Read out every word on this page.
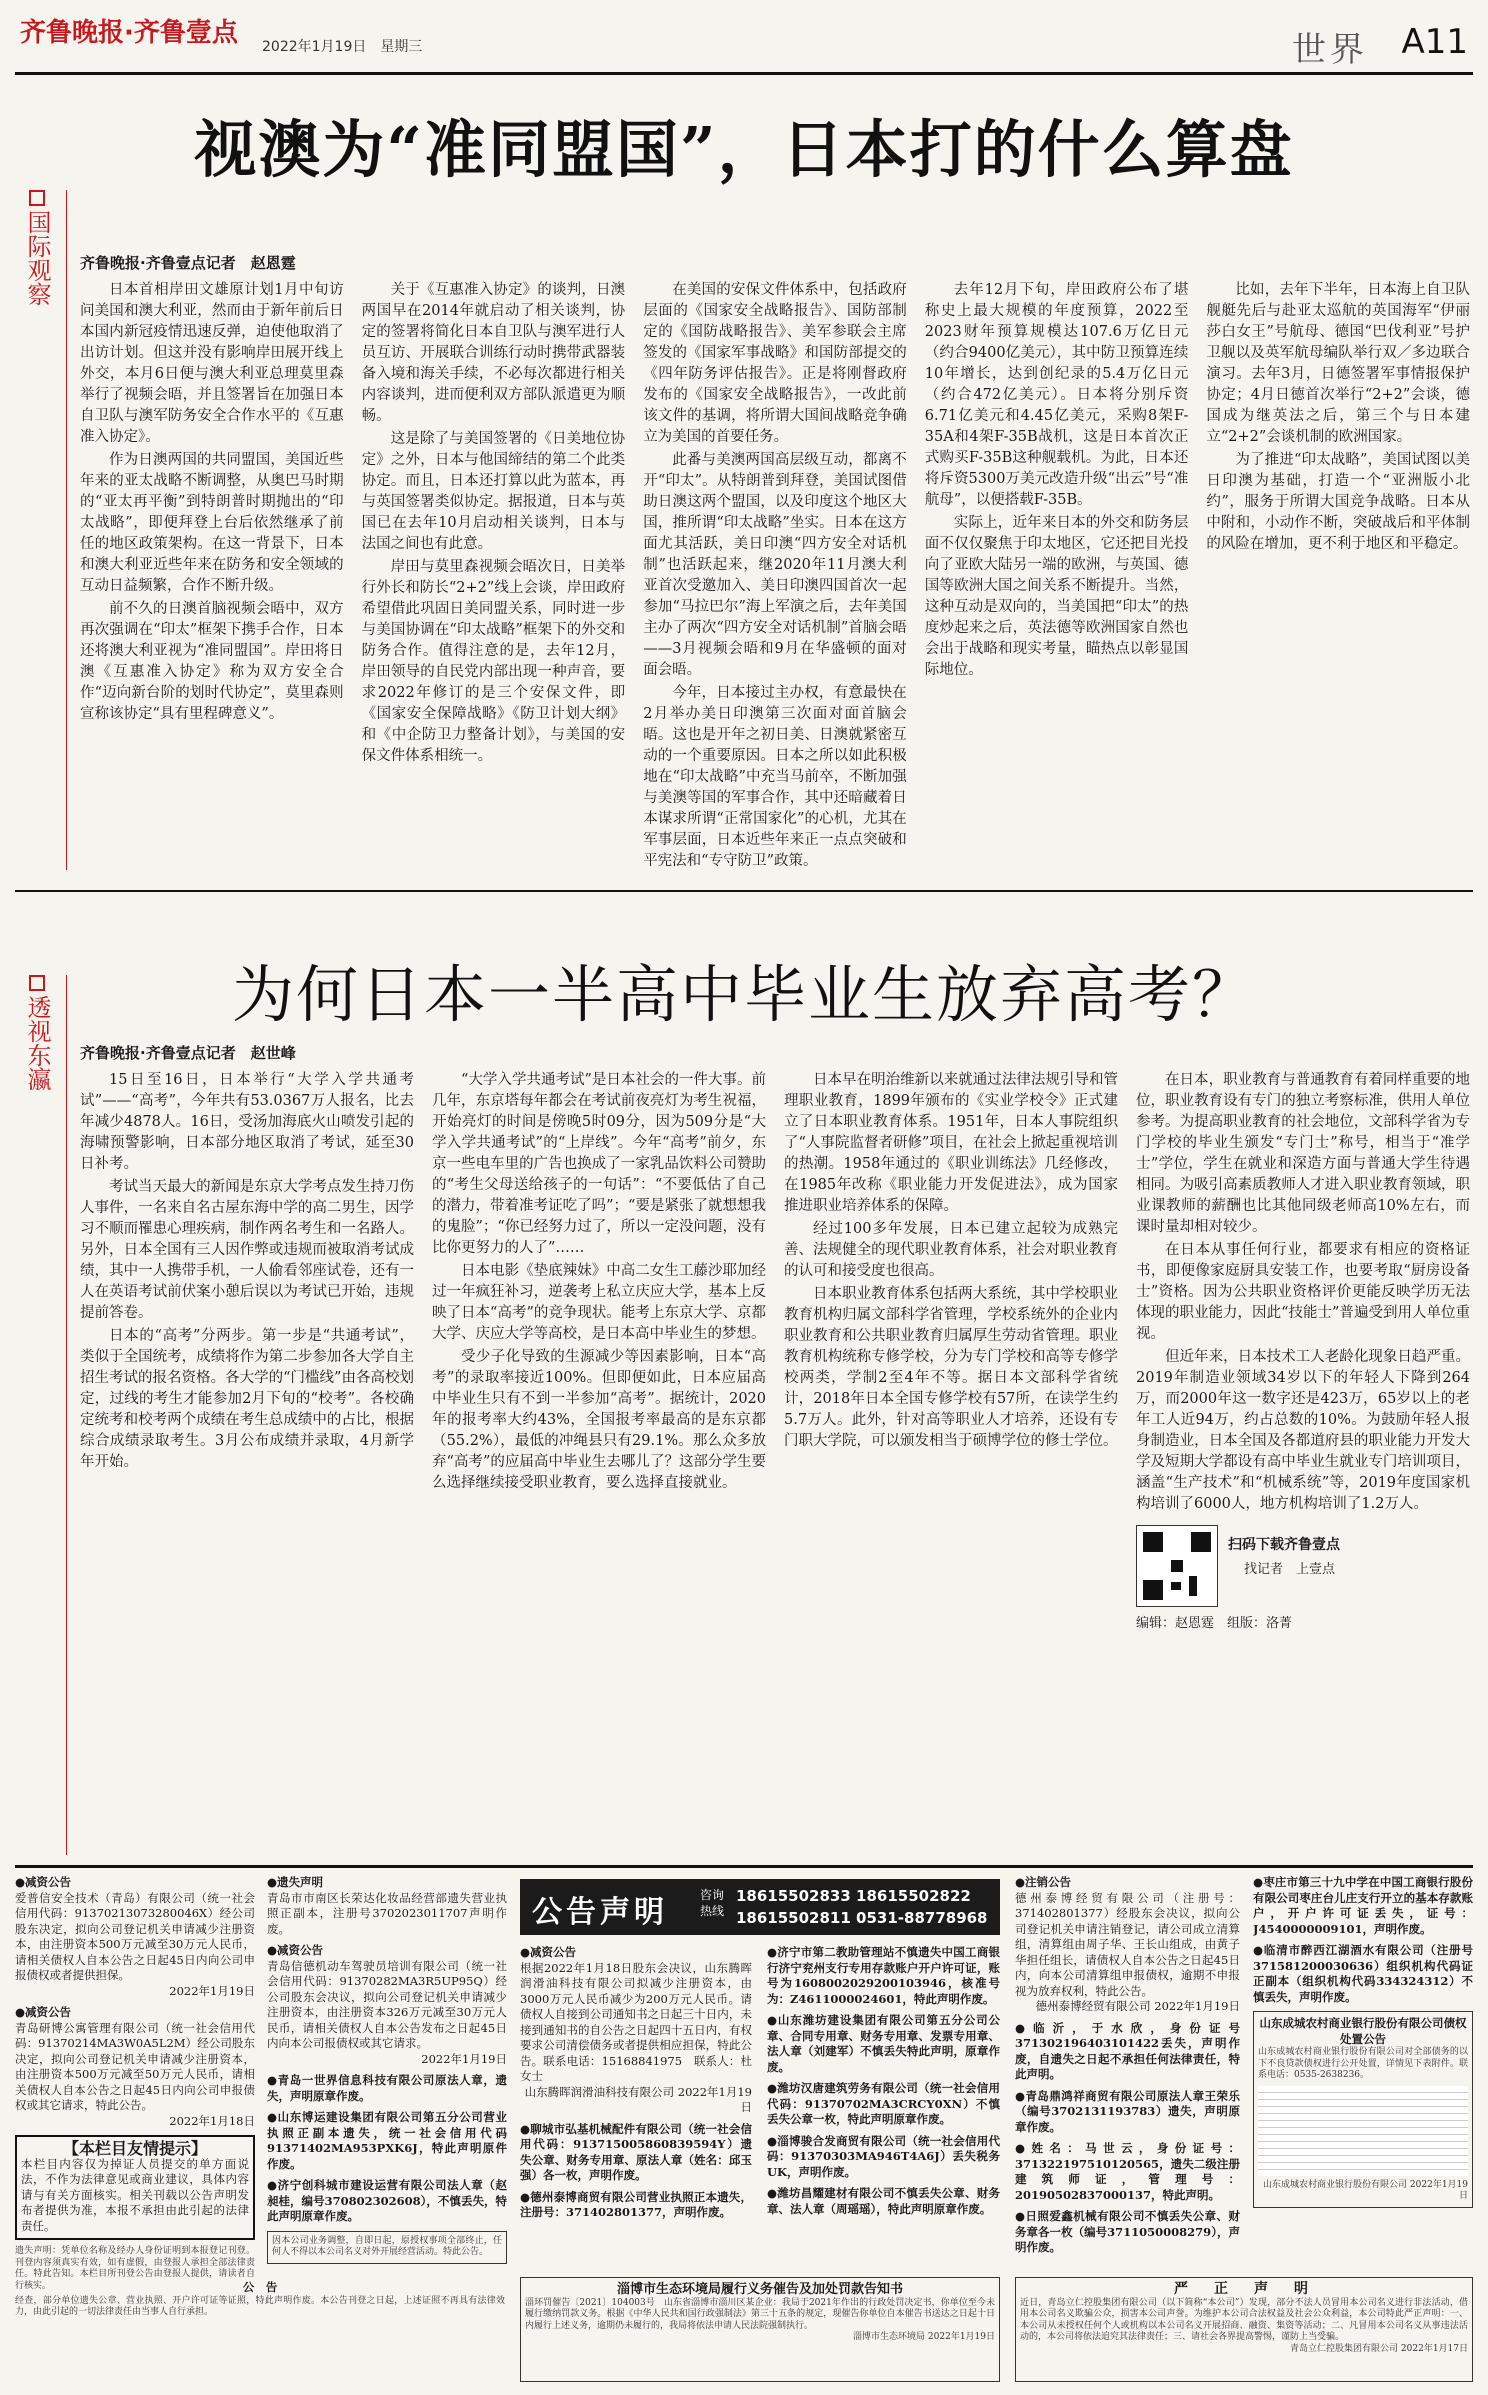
齐鲁晚报·齐鲁壹点 2022年1月19日　 星期三	世界 A11
国际观察
视澳为“准同盟国”，日本打的什么算盘
齐鲁晚报·齐鲁壹点记者　赵恩霆

日本首相岸田文雄原计划1月中旬访问美国和澳大利亚，然而由于新年前后日本国内新冠疫情迅速反弹，迫使他取消了出访计划。但这并没有影响岸田展开线上外交，本月6日便与澳大利亚总理莫里森举行了视频会晤，并且签署旨在加强日本自卫队与澳军防务安全合作水平的《互惠准入协定》。

作为日澳两国的共同盟国，美国近些年来的亚太战略不断调整，从奥巴马时期的“亚太再平衡”到特朗普时期抛出的“印太战略”，即便拜登上台后依然继承了前任的地区政策架构。在这一背景下，日本和澳大利亚近些年来在防务和安全领域的互动日益频繁，合作不断升级。

前不久的日澳首脑视频会晤中，双方再次强调在“印太”框架下携手合作，日本还将澳大利亚视为“准同盟国”。岸田将日澳《互惠准入协定》称为双方安全合作“迈向新台阶的划时代协定”，莫里森则宣称该协定“具有里程碑意义”。

关于《互惠准入协定》的谈判，日澳两国早在2014年就启动了相关谈判，协定的签署将简化日本自卫队与澳军进行人员互访、开展联合训练行动时携带武器装备入境和海关手续，不必每次都进行相关内容谈判，进而便利双方部队派遣更为顺畅。

这是除了与美国签署的《日美地位协定》之外，日本与他国缔结的第二个此类协定。而且，日本还打算以此为蓝本，再与英国签署类似协定。据报道，日本与英国已在去年10月启动相关谈判，日本与法国之间也有此意。

岸田与莫里森视频会晤次日，日美举行外长和防长“2+2”线上会谈，岸田政府希望借此巩固日美同盟关系，同时进一步与美国协调在“印太战略”框架下的外交和防务合作。值得注意的是，去年12月，岸田领导的自民党内部出现一种声音，要求2022年修订的是三个安保文件，即《国家安全保障战略》《防卫计划大纲》和《中企防卫力整备计划》，与美国的安保文件体系相统一。

在美国的安保文件体系中，包括政府层面的《国家安全战略报告》、国防部制定的《国防战略报告》、美军参联会主席签发的《国家军事战略》和国防部提交的《四年防务评估报告》。正是将刚督政府发布的《国家安全战略报告》，一改此前该文件的基调，将所谓大国间战略竞争确立为美国的首要任务。

此番与美澳两国高层级互动，都离不开“印太”。从特朗普到拜登，美国试图借助日澳这两个盟国，以及印度这个地区大国，推所谓“印太战略”坐实。日本在这方面尤其活跃，美日印澳“四方安全对话机制”也活跃起来，继2020年11月澳大利亚首次受邀加入、美日印澳四国首次一起参加“马拉巴尔”海上军演之后，去年美国主办了两次“四方安全对话机制”首脑会晤——3月视频会晤和9月在华盛顿的面对面会晤。

今年，日本接过主办权，有意最快在2月举办美日印澳第三次面对面首脑会晤。这也是开年之初日美、日澳就紧密互动的一个重要原因。日本之所以如此积极地在“印太战略”中充当马前卒，不断加强与美澳等国的军事合作，其中还暗藏着日本谋求所谓“正常国家化”的心机，尤其在军事层面，日本近些年来正一点点突破和平宪法和“专守防卫”政策。

去年12月下旬，岸田政府公布了堪称史上最大规模的年度预算，2022至2023财年预算规模达107.6万亿日元（约合9400亿美元），其中防卫预算连续10年增长，达到创纪录的5.4万亿日元（约合472亿美元）。日本将分别斥资6.71亿美元和4.45亿美元，采购8架F-35A和4架F-35B战机，这是日本首次正式购买F-35B这种舰载机。为此，日本还将斥资5300万美元改造升级“出云”号“准航母”，以便搭载F-35B。

实际上，近年来日本的外交和防务层面不仅仅聚焦于印太地区，它还把目光投向了亚欧大陆另一端的欧洲，与英国、德国等欧洲大国之间关系不断提升。当然，这种互动是双向的，当美国把“印太”的热度炒起来之后，英法德等欧洲国家自然也会出于战略和现实考量，瞄热点以彰显国际地位。

比如，去年下半年，日本海上自卫队舰艇先后与赴亚太巡航的英国海军“伊丽莎白女王”号航母、德国“巴伐利亚”号护卫舰以及英军航母编队举行双／多边联合演习。去年3月，日德签署军事情报保护协定；4月日德首次举行“2+2”会谈，德国成为继英法之后，第三个与日本建立“2+2”会谈机制的欧洲国家。

为了推进“印太战略”，美国试图以美日印澳为基础，打造一个“亚洲版小北约”，服务于所谓大国竞争战略。日本从中附和，小动作不断，突破战后和平体制的风险在增加，更不利于地区和平稳定。

透视东瀛
为何日本一半高中毕业生放弃高考？
齐鲁晚报·齐鲁壹点记者　赵世峰

15日至16日，日本举行“大学入学共通考试”——“高考”，今年共有53.0367万人报名，比去年减少4878人。16日，受汤加海底火山喷发引起的海啸预警影响，日本部分地区取消了考试，延至30日补考。

考试当天最大的新闻是东京大学考点发生持刀伤人事件，一名来自名古屋东海中学的高二男生，因学习不顺而罹患心理疾病，制作两名考生和一名路人。另外，日本全国有三人因作弊或违规而被取消考试成绩，其中一人携带手机，一人偷看邻座试卷，还有一人在英语考试前伏案小憩后误以为考试已开始，违规提前答卷。

日本的“高考”分两步。第一步是“共通考试”，类似于全国统考，成绩将作为第二步参加各大学自主招生考试的报名资格。各大学的“门槛线”由各高校划定，过线的考生才能参加2月下旬的“校考”。各校确定统考和校考两个成绩在考生总成绩中的占比，根据综合成绩录取考生。3月公布成绩并录取，4月新学年开始。

“大学入学共通考试”是日本社会的一件大事。前几年，东京塔每年都会在考试前夜亮灯为考生祝福，开始亮灯的时间是傍晚5时09分，因为509分是“大学入学共通考试”的“上岸线”。今年“高考”前夕，东京一些电车里的广告也换成了一家乳品饮料公司赞助的“考生父母送给孩子的一句话”：“不要低估了自己的潜力，带着准考证吃了吗”；“要是紧张了就想想我的鬼脸”；“你已经努力过了，所以一定没问题，没有比你更努力的人了”……

日本电影《垫底辣妹》中高二女生工藤沙耶加经过一年疯狂补习，逆袭考上私立庆应大学，基本上反映了日本“高考”的竞争现状。能考上东京大学、京都大学、庆应大学等高校，是日本高中毕业生的梦想。

受少子化导致的生源减少等因素影响，日本“高考”的录取率接近100%。但即便如此，日本应届高中毕业生只有不到一半参加“高考”。据统计，2020年的报考率大约43%，全国报考率最高的是东京都（55.2%），最低的冲绳县只有29.1%。那么众多放弃“高考”的应届高中毕业生去哪儿了？这部分学生要么选择继续接受职业教育，要么选择直接就业。

日本早在明治维新以来就通过法律法规引导和管理职业教育，1899年颁布的《实业学校令》正式建立了日本职业教育体系。1951年，日本人事院组织了“人事院监督者研修”项目，在社会上掀起重视培训的热潮。1958年通过的《职业训练法》几经修改，在1985年改称《职业能力开发促进法》，成为国家推进职业培养体系的保障。

经过100多年发展，日本已建立起较为成熟完善、法规健全的现代职业教育体系，社会对职业教育的认可和接受度也很高。

日本职业教育体系包括两大系统，其中学校职业教育机构归属文部科学省管理，学校系统外的企业内职业教育和公共职业教育归属厚生劳动省管理。职业教育机构统称专修学校，分为专门学校和高等专修学校两类，学制2至4年不等。据日本文部科学省统计，2018年日本全国专修学校有57所，在读学生约5.7万人。此外，针对高等职业人才培养，还设有专门职大学院，可以颁发相当于硕博学位的修士学位。

在日本，职业教育与普通教育有着同样重要的地位，职业教育设有专门的独立考察标准，供用人单位参考。为提高职业教育的社会地位，文部科学省为专门学校的毕业生颁发“专门士”称号，相当于“准学士”学位，学生在就业和深造方面与普通大学生待遇相同。为吸引高素质教师人才进入职业教育领域，职业课教师的薪酬也比其他同级老师高10%左右，而课时量却相对较少。

在日本从事任何行业，都要求有相应的资格证书，即便像家庭厨具安装工作，也要考取“厨房设备士”资格。因为公共职业资格评价更能反映学历无法体现的职业能力，因此“技能士”普遍受到用人单位重视。

但近年来，日本技术工人老龄化现象日趋严重。2019年制造业领域34岁以下的年轻人下降到264万，而2000年这一数字还是423万，65岁以上的老年工人近94万，约占总数的10%。为鼓励年轻人报身制造业，日本全国及各都道府县的职业能力开发大学及短期大学都设有高中毕业生就业专门培训项目，涵盖“生产技术”和“机械系统”等，2019年度国家机构培训了6000人，地方机构培训了1.2万人。

扫码下载齐鲁壹点
找记者　上壹点
编辑：赵恩霆　组版：洛菁
●减资公告
爱普信安全技术（青岛）有限公司（统一社会信用代码：91370213073280046X）经公司股东决定，拟向公司登记机关申请减少注册资本，由注册资本500万元减至30万元人民币，请相关债权人自本公告之日起45日内向公司申报债权或者提供担保。
2022年1月19日
●减资公告
青岛研博公寓管理有限公司（统一社会信用代码：91370214MA3W0A5L2M）经公司股东决定，拟向公司登记机关申请减少注册资本，由注册资本500万元减至50万元人民币，请相关债权人自本公告之日起45日内向公司申报债权或其它请求，特此公告。
2022年1月18日
【本栏目友情提示】
本栏目内容仅为掉证人员提交的单方面说法，不作为法律意见或商业建议，具体内容请与有关方面核实。相关刊载以公告声明发布者提供为准，本报不承担由此引起的法律责任。
遗失声明：凭单位名称及经办人身份证明到本报登记刊登。刊登内容须真实有效，如有虚假，由登报人承担全部法律责任。特此告知。本栏目所刊登公告由登报人提供，请读者自行核实。
●遗失声明
青岛市市南区长荣达化妆品经营部遗失营业执照正副本，注册号3702023011707声明作废。
●减资公告
青岛信德机动车驾驶员培训有限公司（统一社会信用代码：91370282MA3R5UP95Q）经公司股东会决议，拟向公司登记机关申请减少注册资本，由注册资本326万元减至30万元人民币，请相关债权人自本公告发布之日起45日内向本公司报债权或其它请求。
2022年1月19日
●青岛一世界信息科技有限公司原法人章，遗失，声明原章作废。
●山东博运建设集团有限公司第五分公司营业执照正副本遗失，统一社会信用代码91371402MA953PXK6J，特此声明原件作废。
●济宁创科城市建设运营有限公司法人章（赵昶桂，编号370802302608），不慎丢失，特此声明原章作废。
因本公司业务调整，自即日起，原授权事项全部终止，任何人不得以本公司名义对外开展经营活动。特此公告。
公告声明	咨询
热线
18615502833 18615502822
18615502811 0531-88778968
●减资公告
根据2022年1月18日股东会决议，山东腾晖润滑油科技有限公司拟减少注册资本，由3000万元人民币减少为200万元人民币。请债权人自接到公司通知书之日起三十日内，未接到通知书的自公告之日起四十五日内，有权要求公司清偿债务或者提供相应担保，特此公告。联系电话：15168841975　联系人：杜女士
山东腾晖润滑油科技有限公司 2022年1月19日
●聊城市弘基机械配件有限公司（统一社会信用代码：913715005860839594Y）遗失公章、财务专用章、原法人章（姓名：邱玉强）各一枚，声明作废。
●德州泰博商贸有限公司营业执照正本遗失，注册号：371402801377，声明作废。
●济宁市第二教助管理站不慎遗失中国工商银行济宁兖州支行专用存款账户开户许可证，账号为1608002029200103946，核准号为：Z4611000024601，特此声明作废。
●山东潍坊建设集团有限公司第五分公司公章、合同专用章、财务专用章、发票专用章、法人章（刘建军）不慎丢失特此声明，原章作废。
●潍坊汉唐建筑劳务有限公司（统一社会信用代码：91370702MA3CRCY0XN）不慎丢失公章一枚，特此声明原章作废。
●淄博骏合发商贸有限公司（统一社会信用代码：91370303MA946T4A6J）丢失税务UK，声明作废。
●潍坊昌耀建材有限公司不慎丢失公章、财务章、法人章（周瑶瑶），特此声明原章作废。
淄博市生态环境局履行义务催告及加处罚款告知书
淄环罚催告〔2021〕104003号　山东省淄博市淄川区某企业：我局于2021年作出的行政处罚决定书，你单位至今未履行缴纳罚款义务。根据《中华人民共和国行政强制法》第三十五条的规定，现催告你单位自本催告书送达之日起十日内履行上述义务，逾期仍未履行的，我局将依法申请人民法院强制执行。
淄博市生态环境局 2022年1月19日
●注销公告
德州泰博经贸有限公司（注册号：371402801377）经股东会决议，拟向公司登记机关申请注销登记，请公司成立清算组，清算组由周子华、王长山组成，由黄子华担任组长，请债权人自本公告之日起45日内，向本公司清算组申报债权，逾期不申报视为放弃权利，特此公告。
德州泰博经贸有限公司 2022年1月19日
●临沂，于水欣，身份证号371302196403101422丢失，声明作废，自遗失之日起不承担任何法律责任，特此声明。
●青岛鼎鸿祥商贸有限公司原法人章王荣乐（编号3702131193783）遗失，声明原章作废。
●姓名：马世云，身份证号：371322197510120565，遗失二级注册建筑师证，管理号：20190502837000137，特此声明。
●日照爱鑫机械有限公司不慎丢失公章、财务章各一枚（编号3711050008279），声明作废。
●枣庄市第三十九中学在中国工商银行股份有限公司枣庄台儿庄支行开立的基本存款账户，开户许可证丢失，证号：J4540000009101，声明作废。
●临清市醉西江湖酒水有限公司（注册号371581200030636）组织机构代码证正副本（组织机构代码334324312）不慎丢失，声明作废。
山东成城农村商业银行股份有限公司债权处置公告
山东成城农村商业银行股份有限公司对全部债务的以下不良贷款债权进行公开处置，详情见下表附件。联系电话：0535-2638236。
山东成城农村商业银行股份有限公司 2022年1月19日
严　正　声　明
近日，青岛立仁控股集团有限公司（以下简称“本公司”）发现，部分不法人员冒用本公司名义进行非法活动，借用本公司名义欺骗公众，损害本公司声誉。为维护本公司合法权益及社会公众利益，本公司特此严正声明：一、本公司从未授权任何个人或机构以本公司名义开展招商、融资、集资等活动；二、凡冒用本公司名义从事违法活动的，本公司将依法追究其法律责任；三、请社会各界提高警惕，谨防上当受骗。
青岛立仁控股集团有限公司 2022年1月17日
公　告
经查，部分单位遗失公章、营业执照、开户许可证等证照，特此声明作废。本公告刊登之日起，上述证照不再具有法律效力，由此引起的一切法律责任由当事人自行承担。
